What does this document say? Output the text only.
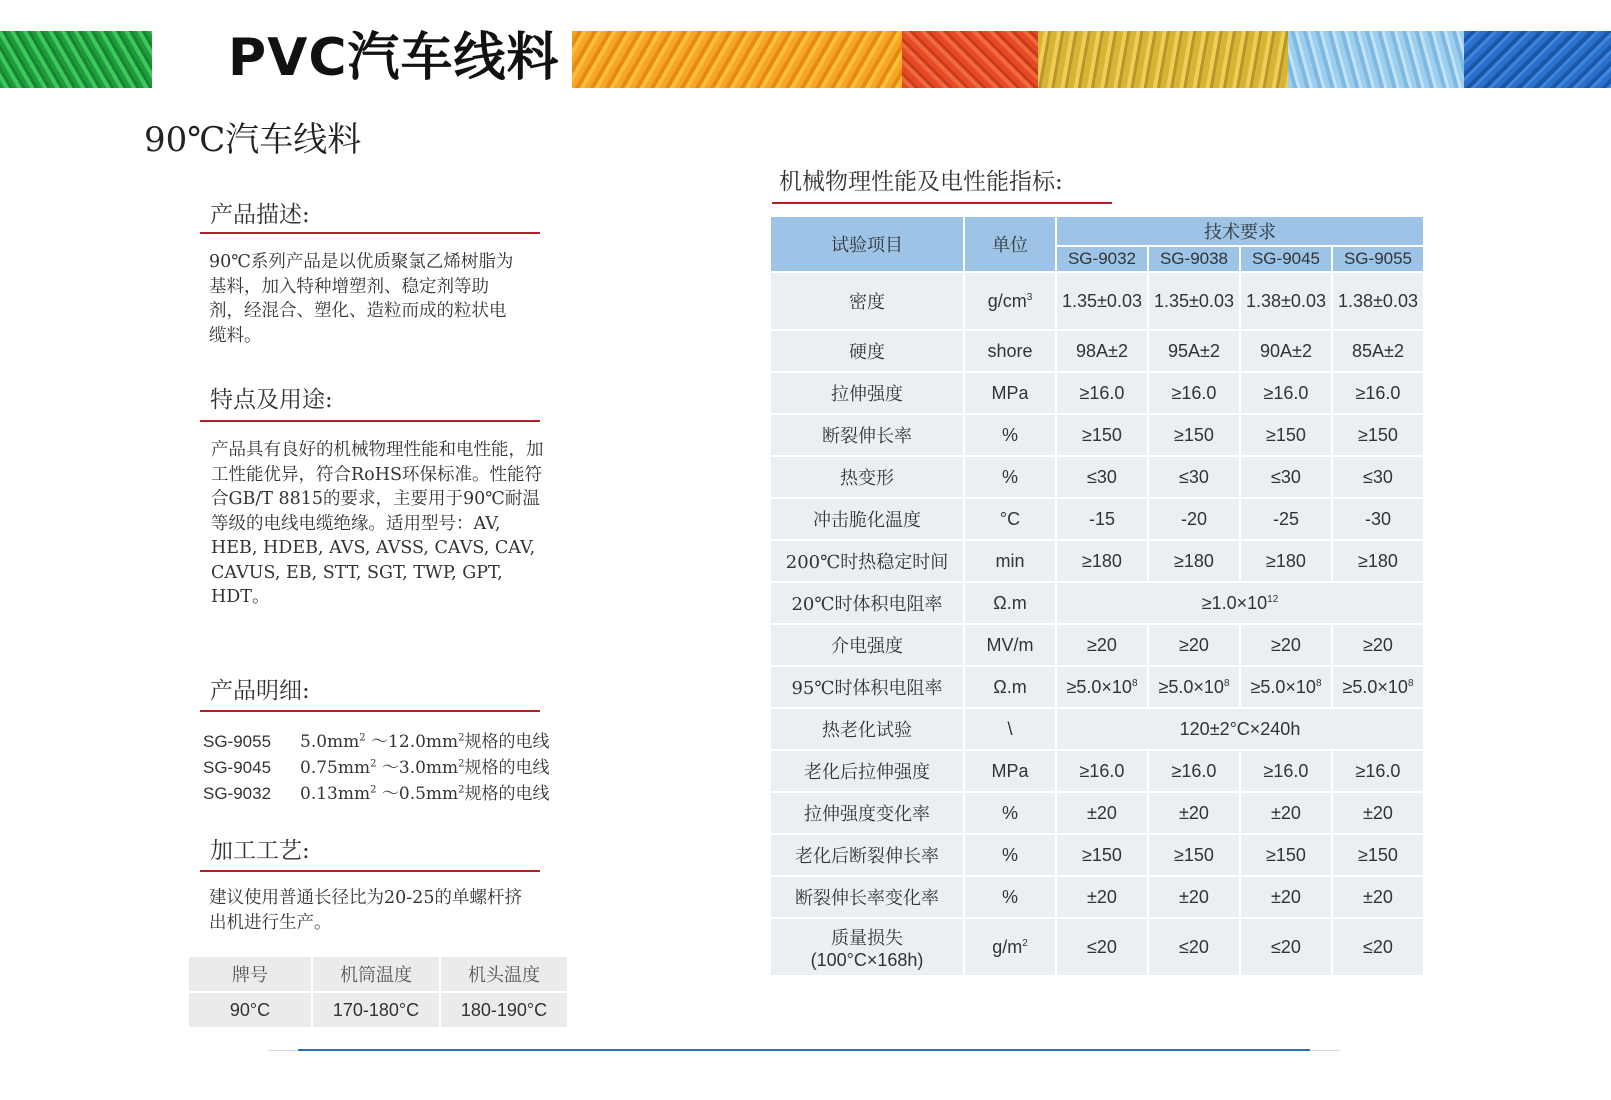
PVC汽车线料
90℃汽车线料
产品描述:
90℃系列产品是以优质聚氯乙烯树脂为基料，加入特种增塑剂、稳定剂等助剂，经混合、塑化、造粒而成的粒状电缆料。
特点及用途:
产品具有良好的机械物理性能和电性能，加工性能优异，符合RoHS环保标准。性能符合GB/T 8815的要求，主要用于90℃耐温等级的电线电缆绝缘。适用型号：AV, HEB, HDEB, AVS, AVSS, CAVS, CAV, CAVUS, EB, STT, SGT, TWP, GPT, HDT。
产品明细:
SG-9055 $5.0mm^2$ $\sim 12.0mm^2$规格的电线
SG-9045 $0.75mm^2$ $\sim 3.0mm^2$规格的电线
SG-9032 $0.13mm^2$ $\sim 0.5mm^2$规格的电线
加工工艺:
建议使用普通长径比为20-25的单螺杆挤出机进行生产。
牌号	机筒温度	机头温度
90°C	170-180°C	180-190°C
机械物理性能及电性能指标:
试验项目	单位	技术要求			
		SG-9032	SG-9038	SG-9045	SG-9055
密度	$g/cm^3$	1.35±0.03	1.35±0.03	1.38±0.03	1.38±0.03
硬度	shore	98A±2	95A±2	90A±2	85A±2
拉伸强度	MPa	≥16.0	≥16.0	≥16.0	≥16.0
断裂伸长率	%	≥150	≥150	≥150	≥150
热变形	%	≤30	≤30	≤30	≤30
冲击脆化温度	°C	-15	-20	-25	-30
200℃时热稳定时间	min	≥180	≥180	≥180	≥180
20℃时体积电阻率	Ω.m	$\ge 1.0\times 10^{12}$
介电强度	MV/m	≥20	≥20	≥20	≥20
95℃时体积电阻率	Ω.m	$\ge 5.0\times 10^8$	$\ge 5.0\times 10^8$	$\ge 5.0\times 10^8$	$\ge 5.0\times 10^8$
热老化试验	\	120±2°C×240h			
老化后拉伸强度	MPa	≥16.0	≥16.0	≥16.0	≥16.0
拉伸强度变化率	%	±20	±20	±20	±20
老化后断裂伸长率	%	≥150	≥150	≥150	≥150
断裂伸长率变化率	%	±20	±20	±20	±20

质量损失
(100°C×168h)	$g/m^2$	≤20	≤20	≤20	≤20
